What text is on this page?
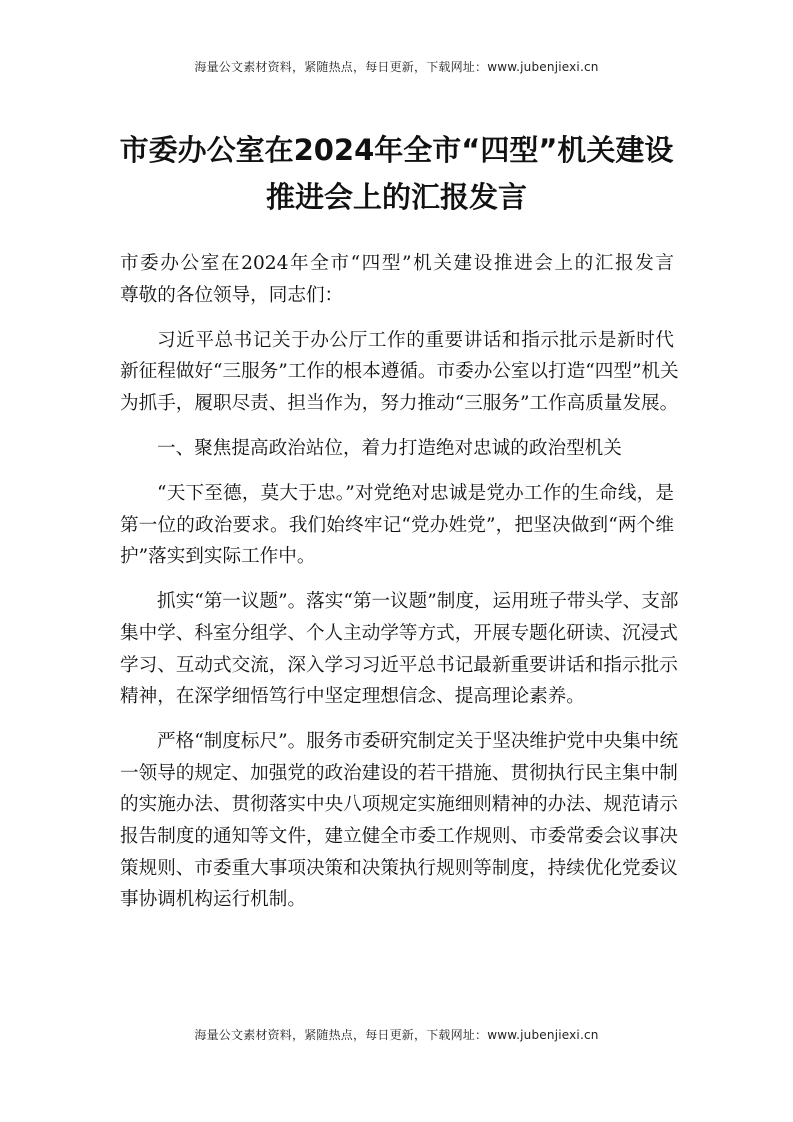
海量公文素材资料，紧随热点，每日更新，下载网址：www.jubenjiexi.cn
市委办公室在2024年全市“四型”机关建设
推进会上的汇报发言
市委办公室在2024年全市“四型”机关建设推进会上的汇报发言
尊敬的各位领导，同志们：
习近平总书记关于办公厅工作的重要讲话和指示批示是新时代
新征程做好“三服务”工作的根本遵循。市委办公室以打造“四型”机关
为抓手，履职尽责、担当作为，努力推动“三服务”工作高质量发展。
一、聚焦提高政治站位，着力打造绝对忠诚的政治型机关
“天下至德，莫大于忠。”对党绝对忠诚是党办工作的生命线，是
第一位的政治要求。我们始终牢记“党办姓党”，把坚决做到“两个维
护”落实到实际工作中。
抓实“第一议题”。落实“第一议题”制度，运用班子带头学、支部
集中学、科室分组学、个人主动学等方式，开展专题化研读、沉浸式
学习、互动式交流，深入学习习近平总书记最新重要讲话和指示批示
精神，在深学细悟笃行中坚定理想信念、提高理论素养。
严格“制度标尺”。服务市委研究制定关于坚决维护党中央集中统
一领导的规定、加强党的政治建设的若干措施、贯彻执行民主集中制
的实施办法、贯彻落实中央八项规定实施细则精神的办法、规范请示
报告制度的通知等文件，建立健全市委工作规则、市委常委会议事决
策规则、市委重大事项决策和决策执行规则等制度，持续优化党委议
事协调机构运行机制。
海量公文素材资料，紧随热点，每日更新，下载网址：www.jubenjiexi.cn
